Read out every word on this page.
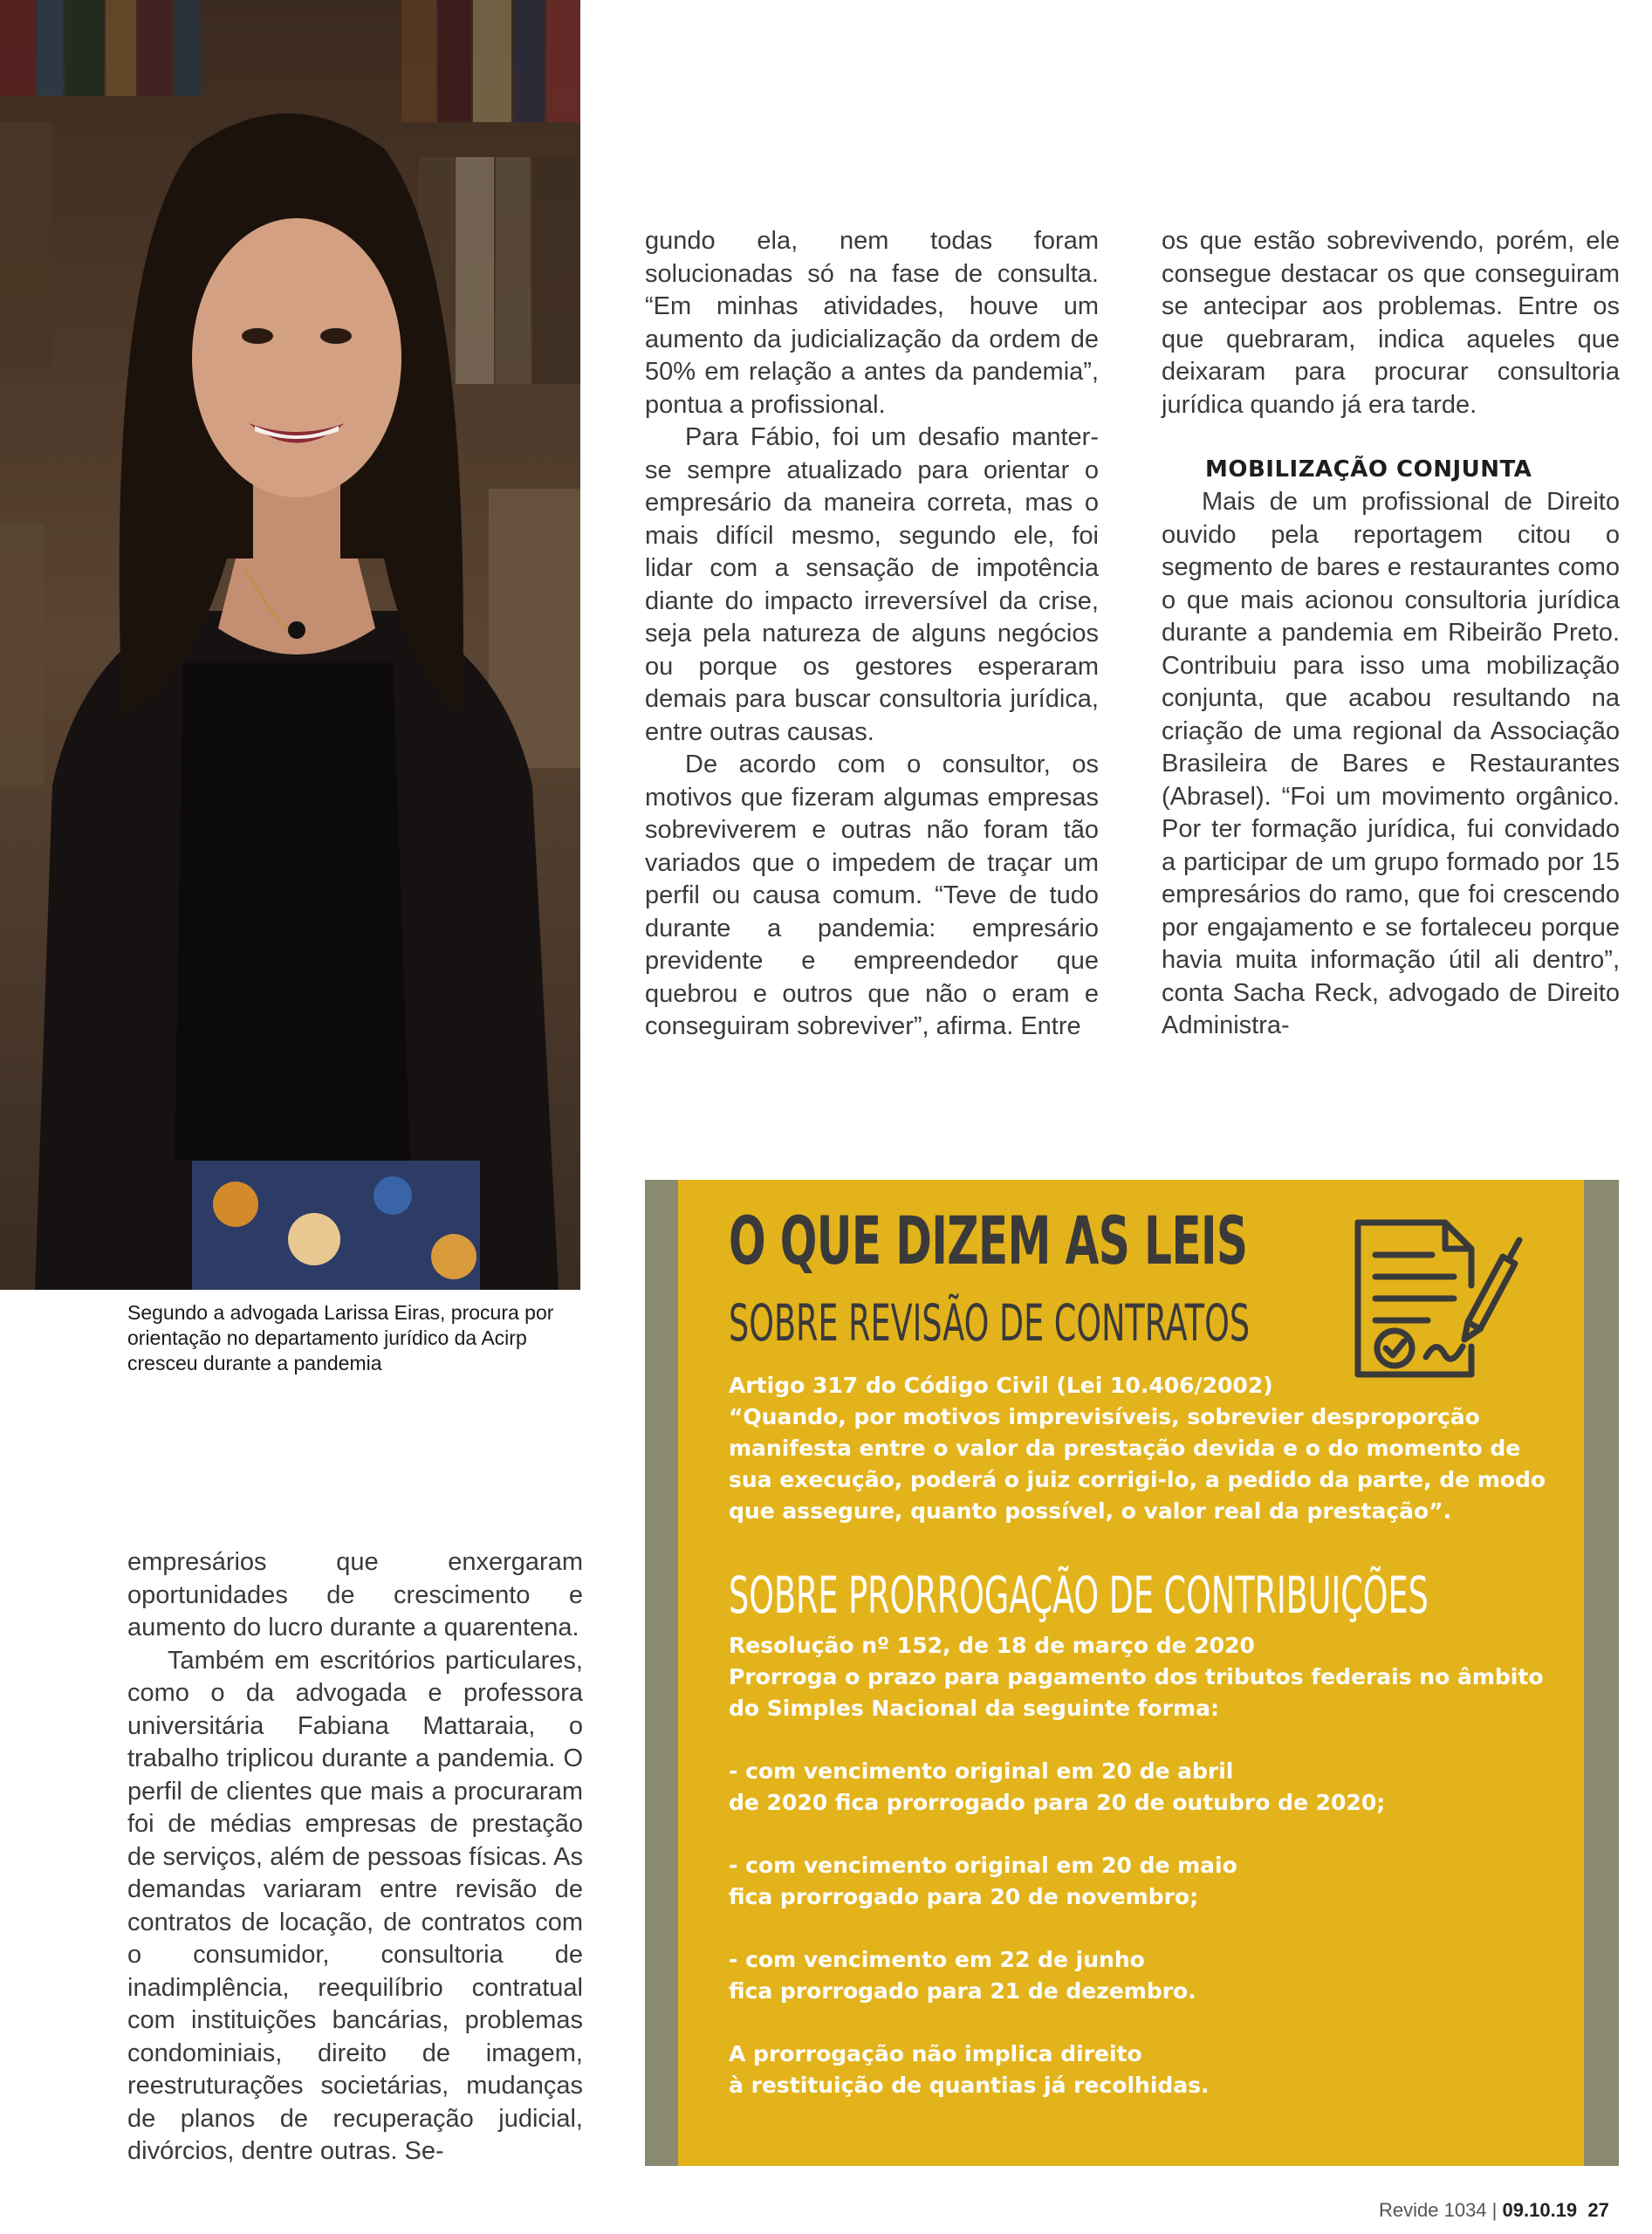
Segundo a advogada Larissa Eiras, procura por orientação no departamento jurídico da Acirp cresceu durante a pandemia

gundo ela, nem todas foram solucionadas só na fase de consulta. “Em minhas atividades, houve um aumento da judicialização da ordem de 50% em relação a antes da pandemia”, pontua a profissional.

Para Fábio, foi um desafio manter-se sempre atualizado para orientar o empresário da maneira correta, mas o mais difícil mesmo, segundo ele, foi lidar com a sensação de impotência diante do impacto irreversível da crise, seja pela natureza de alguns negócios ou porque os gestores esperaram demais para buscar consultoria jurídica, entre outras causas.

De acordo com o consultor, os motivos que fizeram algumas empresas sobreviverem e outras não foram tão variados que o impedem de traçar um perfil ou causa comum. “Teve de tudo durante a pandemia: empresário previdente e empreendedor que quebrou e outros que não o eram e conseguiram sobreviver”, afirma. Entre

os que estão sobrevivendo, porém, ele consegue destacar os que conseguiram se antecipar aos problemas. Entre os que quebraram, indica aqueles que deixaram para procurar consultoria jurídica quando já era tarde.

MOBILIZAÇÃO CONJUNTA

Mais de um profissional de Direito ouvido pela reportagem citou o segmento de bares e restaurantes como o que mais acionou consultoria jurídica durante a pandemia em Ribeirão Preto. Contribuiu para isso uma mobilização conjunta, que acabou resultando na criação de uma regional da Associação Brasileira de Bares e Restaurantes (Abrasel). “Foi um movimento orgânico. Por ter formação jurídica, fui convidado a participar de um grupo formado por 15 empresários do ramo, que foi crescendo por engajamento e se fortaleceu porque havia muita informação útil ali dentro”, conta Sacha Reck, advogado de Direito Administra-

empresários que enxergaram oportunidades de crescimento e aumento do lucro durante a quarentena.

Também em escritórios particulares, como o da advogada e professora universitária Fabiana Mattaraia, o trabalho triplicou durante a pandemia. O perfil de clientes que mais a procuraram foi de médias empresas de prestação de serviços, além de pessoas físicas. As demandas variaram entre revisão de contratos de locação, de contratos com o consumidor, consultoria de inadimplência, reequilíbrio contratual com instituições bancárias, problemas condominiais, direito de imagem, reestruturações societárias, mudanças de planos de recuperação judicial, divórcios, dentre outras. Se-

O QUE DIZEM AS LEIS
SOBRE REVISÃO DE CONTRATOS

Artigo 317 do Código Civil (Lei 10.406/2002)

“Quando, por motivos imprevisíveis, sobrevier desproporção manifesta entre o valor da prestação devida e o do momento de sua execução, poderá o juiz corrigi-lo, a pedido da parte, de modo que assegure, quanto possível, o valor real da prestação”.

SOBRE PRORROGAÇÃO DE CONTRIBUIÇÕES

Resolução nº 152, de 18 de março de 2020

Prorroga o prazo para pagamento dos tributos federais no âmbito do Simples Nacional da seguinte forma:

- com vencimento original em 20 de abril

de 2020 fica prorrogado para 20 de outubro de 2020;

- com vencimento original em 20 de maio

fica prorrogado para 20 de novembro;

- com vencimento em 22 de junho

fica prorrogado para 21 de dezembro.

A prorrogação não implica direito

à restituição de quantias já recolhidas.

Revide 1034 | 09.10.19 27
